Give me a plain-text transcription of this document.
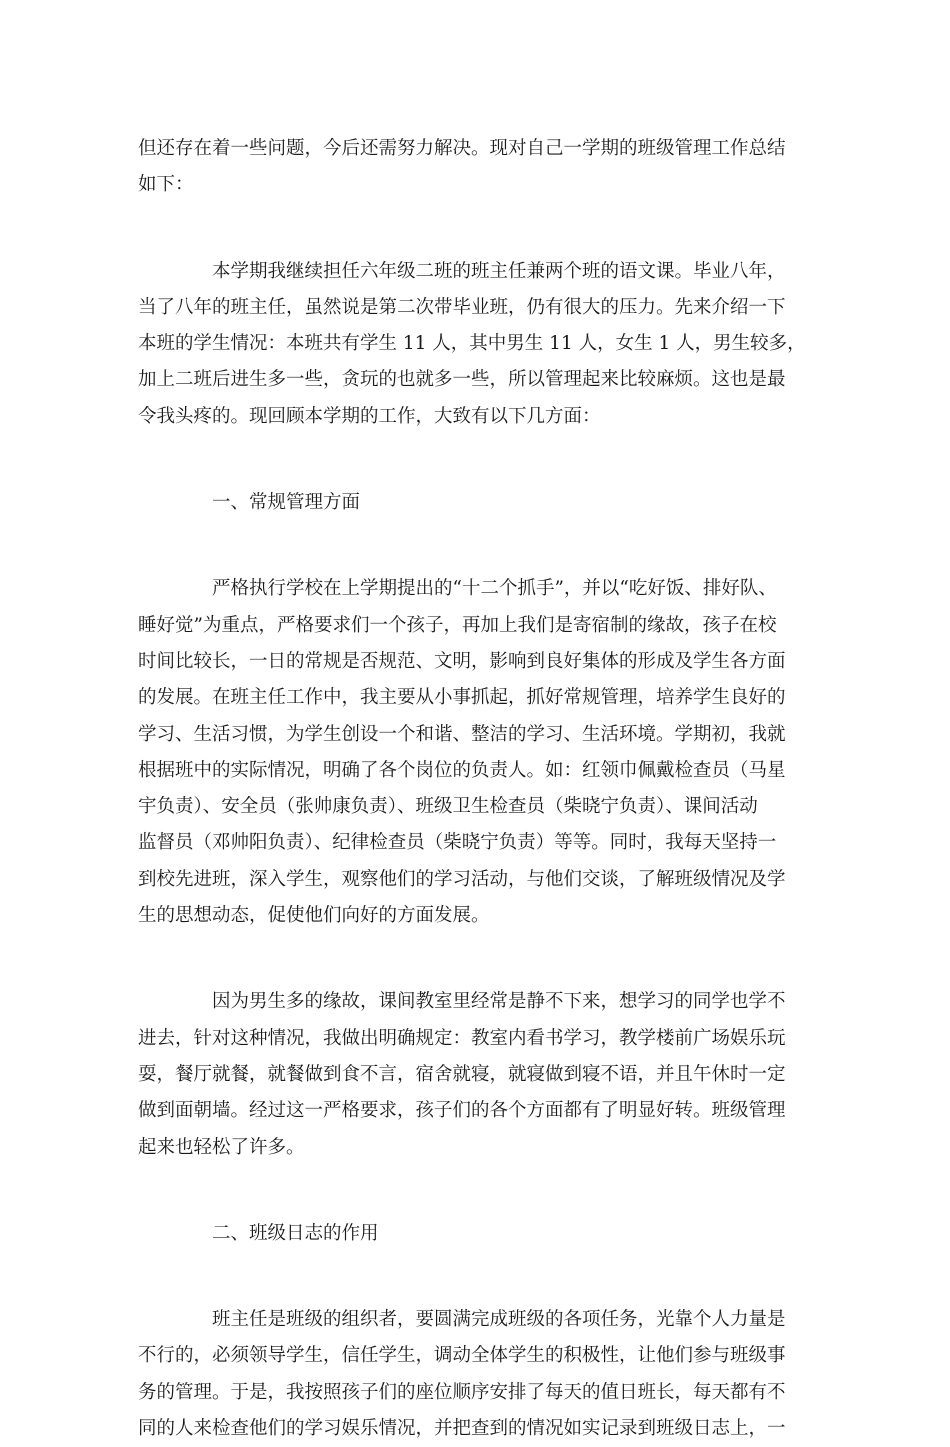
但还存在着一些问题，今后还需努力解决。现对自己一学期的班级管理工作总结
如下：

本学期我继续担任六年级二班的班主任兼两个班的语文课。毕业八年，
当了八年的班主任，虽然说是第二次带毕业班，仍有很大的压力。先来介绍一下
本班的学生情况：本班共有学生 11 人，其中男生 11 人，女生 1 人，男生较多，
加上二班后进生多一些，贪玩的也就多一些，所以管理起来比较麻烦。这也是最
令我头疼的。现回顾本学期的工作，大致有以下几方面：

一、常规管理方面

严格执行学校在上学期提出的“十二个抓手”，并以“吃好饭、排好队、
睡好觉”为重点，严格要求们一个孩子，再加上我们是寄宿制的缘故，孩子在校
时间比较长，一日的常规是否规范、文明，影响到良好集体的形成及学生各方面
的发展。在班主任工作中，我主要从小事抓起，抓好常规管理，培养学生良好的
学习、生活习惯，为学生创设一个和谐、整洁的学习、生活环境。学期初，我就
根据班中的实际情况，明确了各个岗位的负责人。如：红领巾佩戴检查员（马星
宇负责）、安全员（张帅康负责）、班级卫生检查员（柴晓宁负责）、课间活动
监督员（邓帅阳负责）、纪律检查员（柴晓宁负责）等等。同时，我每天坚持一
到校先进班，深入学生，观察他们的学习活动，与他们交谈，了解班级情况及学
生的思想动态，促使他们向好的方面发展。

因为男生多的缘故，课间教室里经常是静不下来，想学习的同学也学不
进去，针对这种情况，我做出明确规定：教室内看书学习，教学楼前广场娱乐玩
耍，餐厅就餐，就餐做到食不言，宿舍就寝，就寝做到寝不语，并且午休时一定
做到面朝墙。经过这一严格要求，孩子们的各个方面都有了明显好转。班级管理
起来也轻松了许多。

二、班级日志的作用

班主任是班级的组织者，要圆满完成班级的各项任务，光靠个人力量是
不行的，必须领导学生，信任学生，调动全体学生的积极性，让他们参与班级事
务的管理。于是，我按照孩子们的座位顺序安排了每天的值日班长，每天都有不
同的人来检查他们的学习娱乐情况，并把查到的情况如实记录到班级日志上，一
